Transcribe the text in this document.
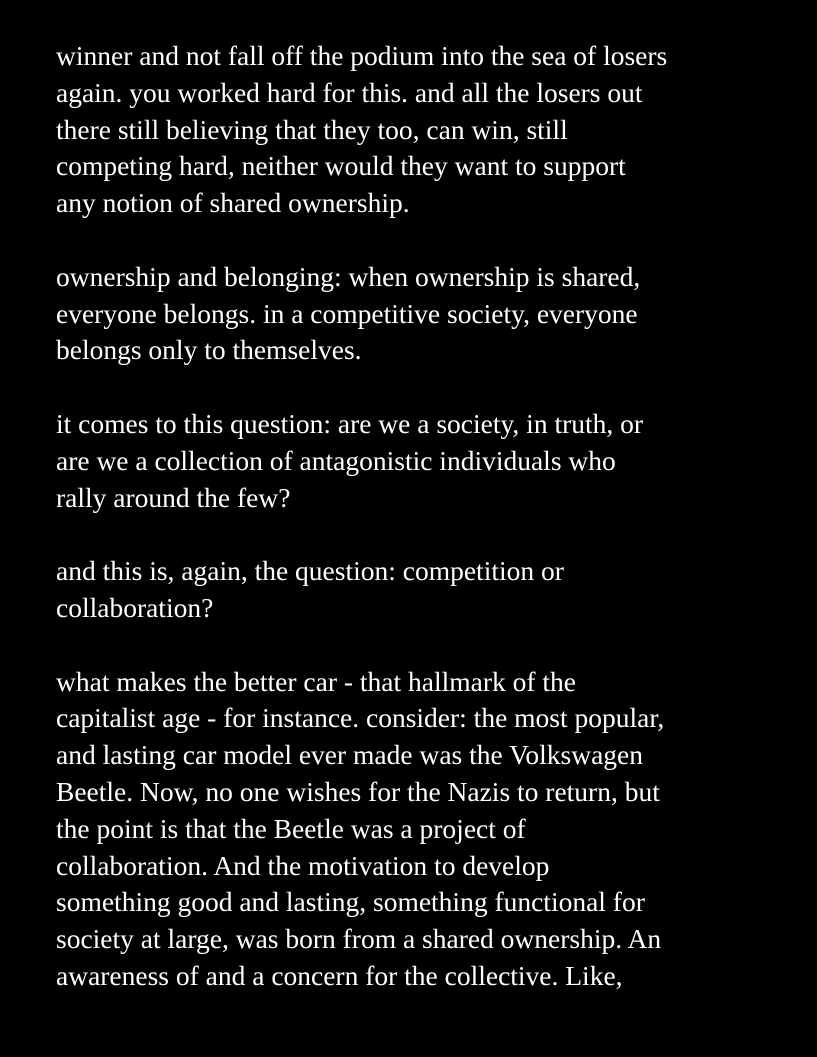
winner and not fall off the podium into the sea of losers
again. you worked hard for this. and all the losers out
there still believing that they too, can win, still
competing hard, neither would they want to support
any notion of shared ownership.
ownership and belonging: when ownership is shared,
everyone belongs. in a competitive society, everyone
belongs only to themselves.
it comes to this question: are we a society, in truth, or
are we a collection of antagonistic individuals who
rally around the few?
and this is, again, the question: competition or
collaboration?
what makes the better car - that hallmark of the
capitalist age - for instance. consider: the most popular,
and lasting car model ever made was the Volkswagen
Beetle. Now, no one wishes for the Nazis to return, but
the point is that the Beetle was a project of
collaboration. And the motivation to develop
something good and lasting, something functional for
society at large, was born from a shared ownership. An
awareness of and a concern for the collective. Like,
